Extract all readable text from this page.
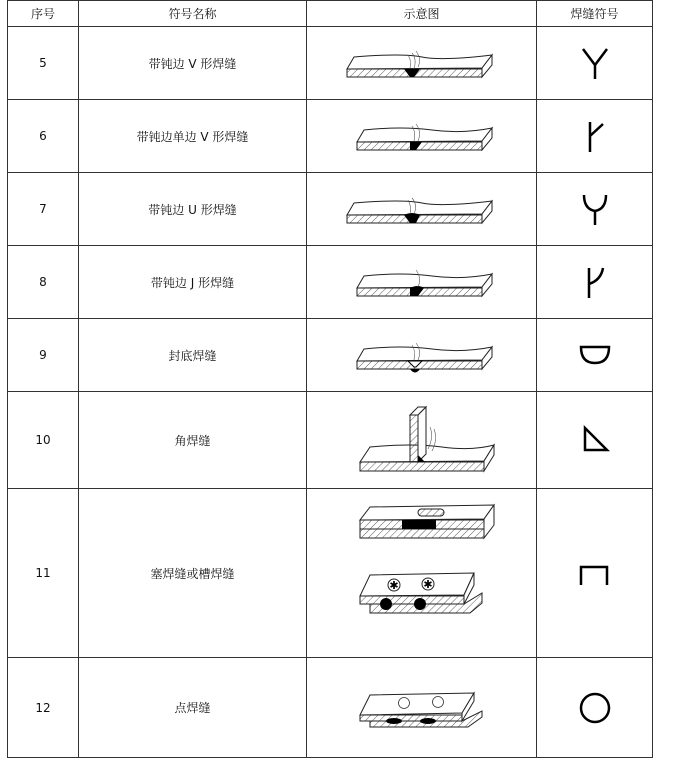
序号	符号名称	示意图	焊缝符号
5	带钝边 V 形焊缝	

6	带钝边单边 V 形焊缝	

7	带钝边 U 形焊缝	

8	带钝边 J 形焊缝	

9	封底焊缝	

10	角焊缝	

11	塞焊缝或槽焊缝	✱ ✱

12	点焊缝	
